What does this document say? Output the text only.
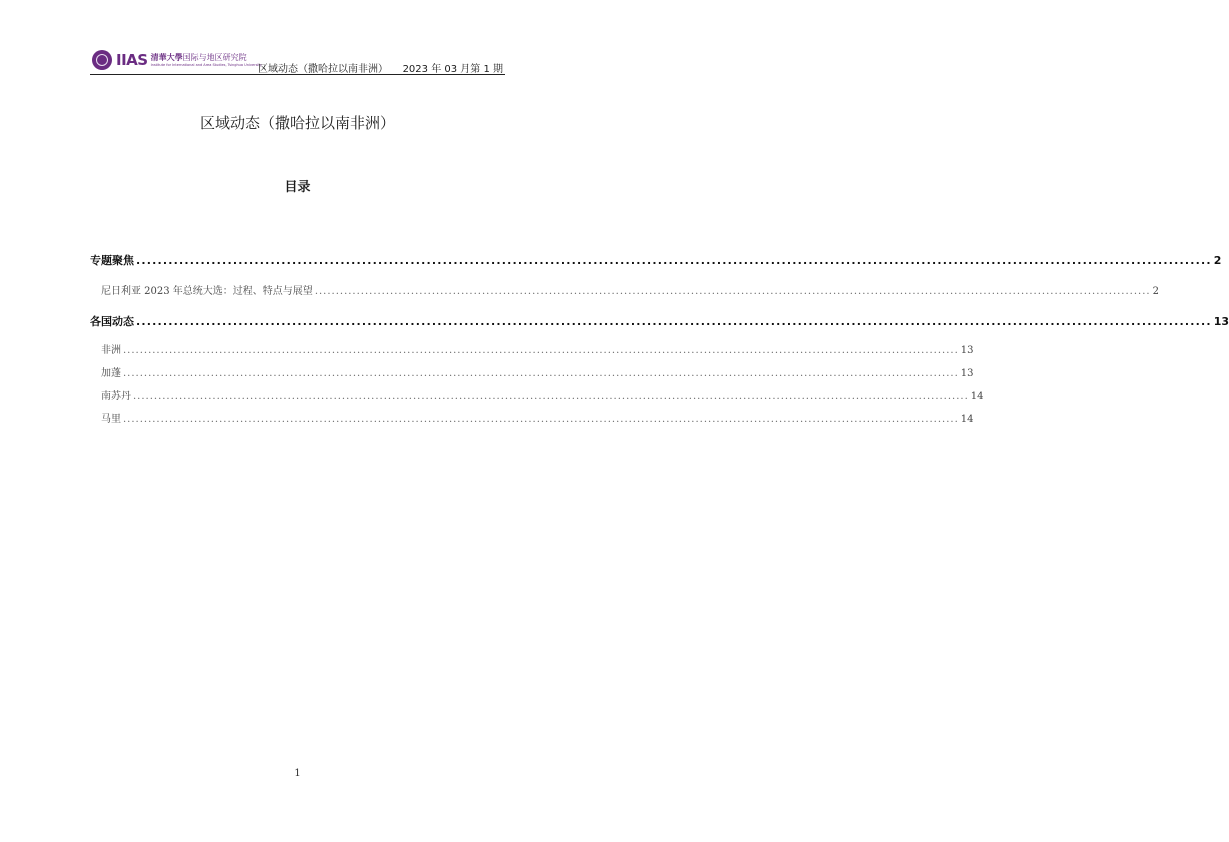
IIAS 清華大學国际与地区研究院
Institute for International and Area Studies, Tsinghua University
区域动态（撒哈拉以南非洲） 2023 年 03 月第 1 期
区域动态（撒哈拉以南非洲）
目录
专题聚焦 ........................................................................................................................................................................................................ 2
尼日利亚 2023 年总统大选：过程、特点与展望 ........................................................................................................................................................................................................ 2
各国动态 ........................................................................................................................................................................................................ 13
非洲 ........................................................................................................................................................................................................ 13
加蓬 ........................................................................................................................................................................................................ 13
南苏丹 ........................................................................................................................................................................................................ 14
马里 ........................................................................................................................................................................................................ 14
1
